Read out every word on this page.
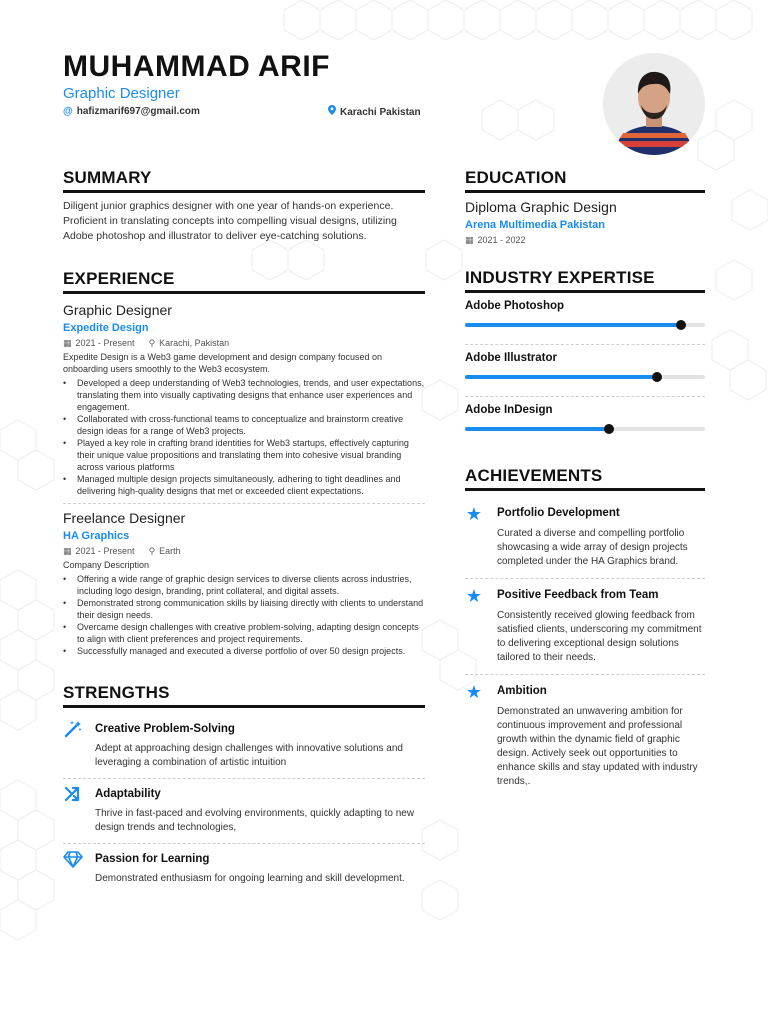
MUHAMMAD ARIF
Graphic Designer
@ hafizmarif697@gmail.com	Karachi Pakistan
SUMMARY

Diligent junior graphics designer with one year of hands-on experience. Proficient in translating concepts into compelling visual designs, utilizing Adobe photoshop and illustrator to deliver eye-catching solutions.

EXPERIENCE

Graphic Designer

Expedite Design

▦ 2021 - Present ⚲ Karachi, Pakistan

Expedite Design is a Web3 game development and design company focused on onboarding users smoothly to the Web3 ecosystem.

• Developed a deep understanding of Web3 technologies, trends, and user expectations, translating them into visually captivating designs that enhance user experiences and engagement.
• Collaborated with cross-functional teams to conceptualize and brainstorm creative design ideas for a range of Web3 projects.
• Played a key role in crafting brand identities for Web3 startups, effectively capturing their unique value propositions and translating them into cohesive visual branding across various platforms
• Managed multiple design projects simultaneously, adhering to tight deadlines and delivering high-quality designs that met or exceeded client expectations.

Freelance Designer

HA Graphics

▦ 2021 - Present ⚲ Earth

Company Description

• Offering a wide range of graphic design services to diverse clients across industries, including logo design, branding, print collateral, and digital assets.
• Demonstrated strong communication skills by liaising directly with clients to understand their design needs.
• Overcame design challenges with creative problem-solving, adapting design concepts to align with client preferences and project requirements.
• Successfully managed and executed a diverse portfolio of over 50 design projects.
STRENGTHS

Creative Problem-Solving

Adept at approaching design challenges with innovative solutions and leveraging a combination of artistic intuition

Adaptability

Thrive in fast-paced and evolving environments, quickly adapting to new design trends and technologies,

Passion for Learning

Demonstrated enthusiasm for ongoing learning and skill development.

EDUCATION

Diploma Graphic Design

Arena Multimedia Pakistan

▦ 2021 - 2022
INDUSTRY EXPERTISE

Adobe Photoshop

Adobe Illustrator

Adobe InDesign

ACHIEVEMENTS
★ Portfolio Development

Curated a diverse and compelling portfolio showcasing a wide array of design projects completed under the HA Graphics brand.

★ Positive Feedback from Team

Consistently received glowing feedback from satisfied clients, underscoring my commitment to delivering exceptional design solutions tailored to their needs.

★ Ambition

Demonstrated an unwavering ambition for continuous improvement and professional growth within the dynamic field of graphic design. Actively seek out opportunities to enhance skills and stay updated with industry trends,.
